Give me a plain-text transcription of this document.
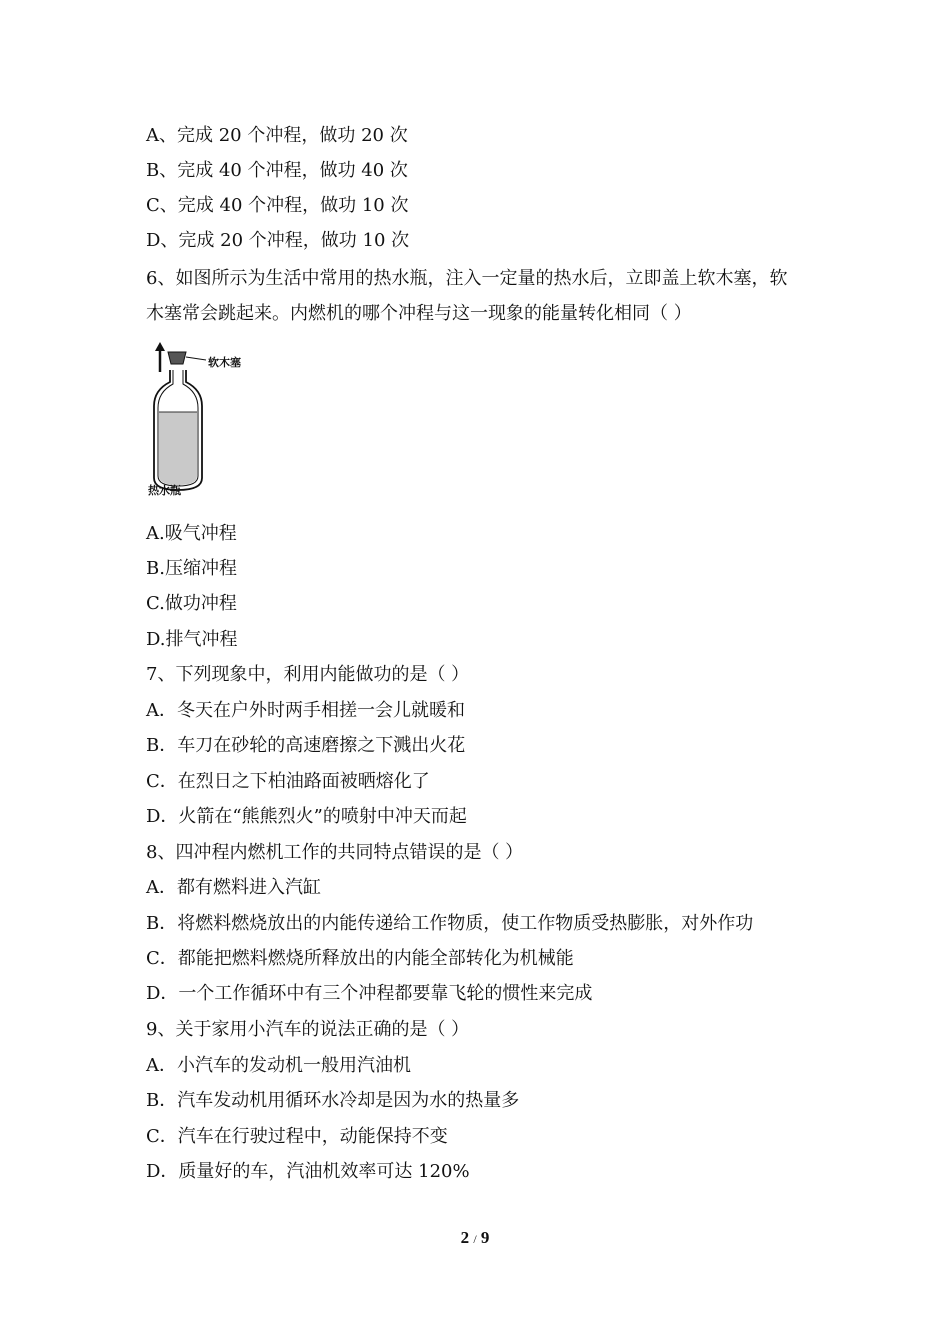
A、完成 20 个冲程，做功 20 次
B、完成 40 个冲程，做功 40 次
C、完成 40 个冲程，做功 10 次
D、完成 20 个冲程，做功 10 次
6、如图所示为生活中常用的热水瓶，注入一定量的热水后，立即盖上软木塞，软
木塞常会跳起来。内燃机的哪个冲程与这一现象的能量转化相同（ ）
软木塞
热水瓶
A.吸气冲程
B.压缩冲程
C.做功冲程
D.排气冲程
7、下列现象中，利用内能做功的是（ ）
A．冬天在户外时两手相搓一会儿就暖和
B．车刀在砂轮的高速磨擦之下溅出火花
C．在烈日之下柏油路面被晒熔化了
D．火箭在“熊熊烈火”的喷射中冲天而起
8、四冲程内燃机工作的共同特点错误的是（ ）
A．都有燃料进入汽缸
B．将燃料燃烧放出的内能传递给工作物质，使工作物质受热膨胀，对外作功
C．都能把燃料燃烧所释放出的内能全部转化为机械能
D．一个工作循环中有三个冲程都要靠飞轮的惯性来完成
9、关于家用小汽车的说法正确的是（ ）
A．小汽车的发动机一般用汽油机
B．汽车发动机用循环水冷却是因为水的热量多
C．汽车在行驶过程中，动能保持不变
D．质量好的车，汽油机效率可达 120%
2 / 9
